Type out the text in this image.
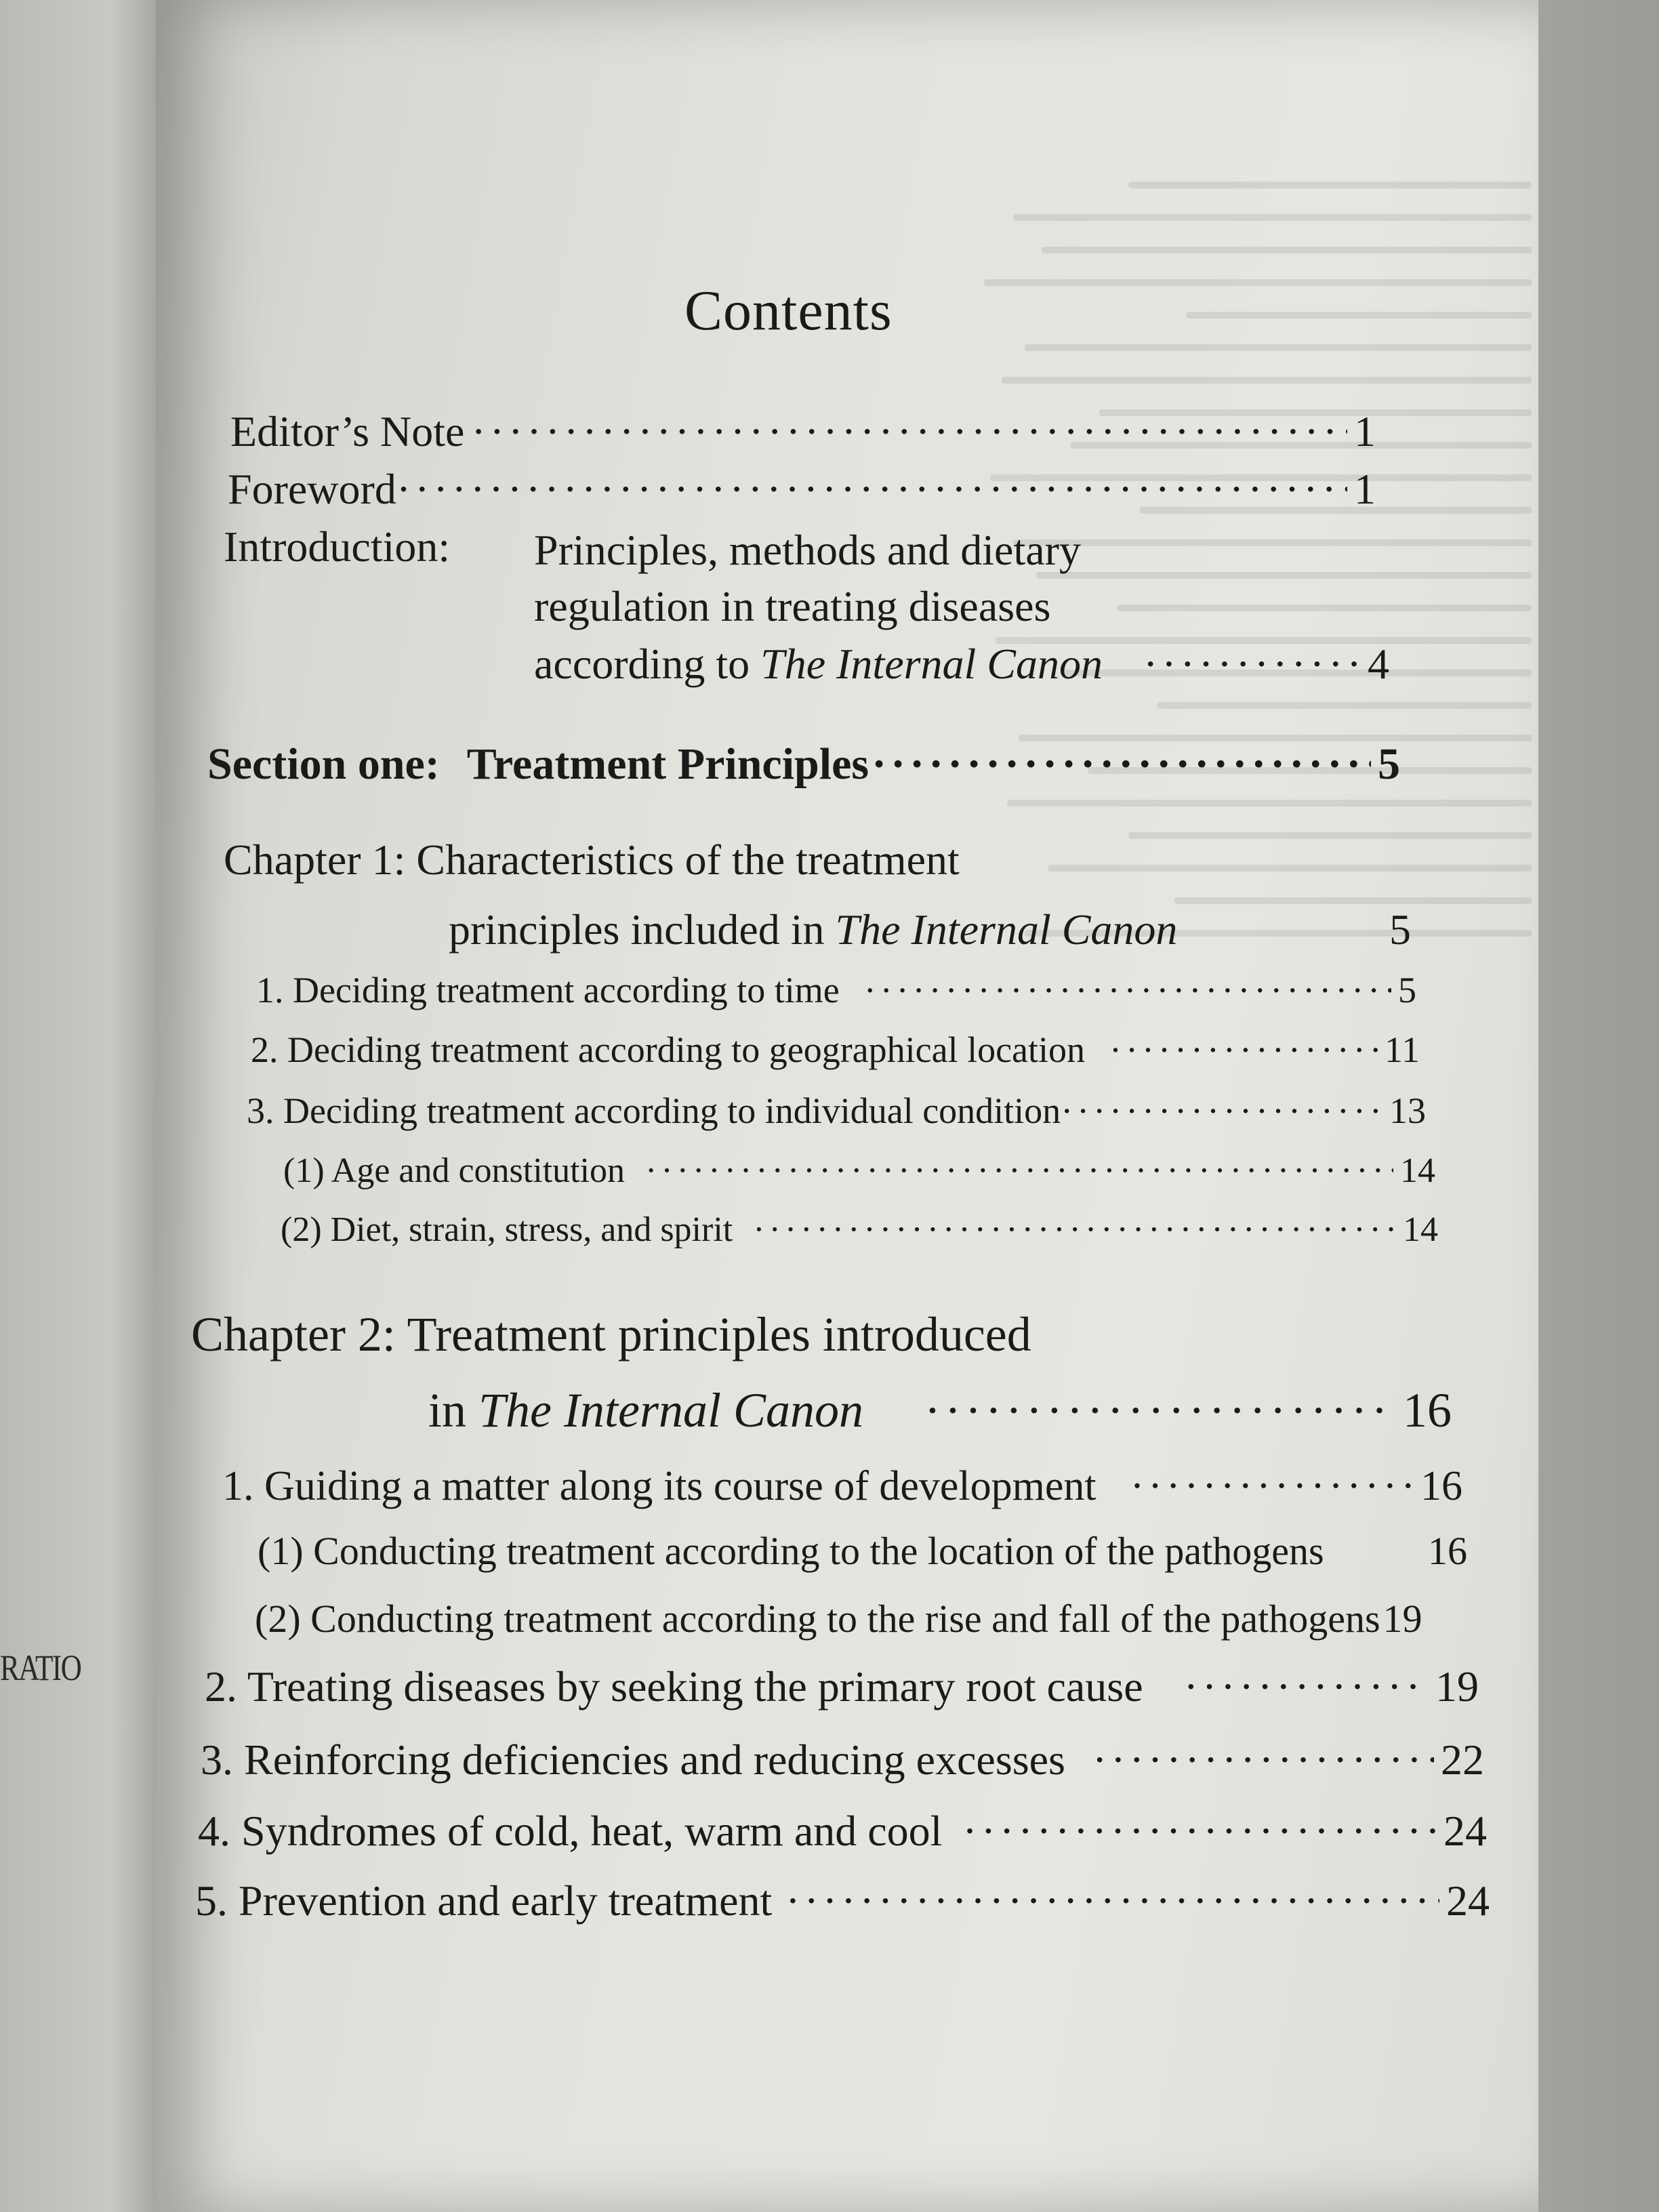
RATIO
Contents
Editor’s Note ·····	1
Foreword ·····	1
Introduction: Principles, methods and dietary
regulation in treating diseases
according to The Internal Canon ·····	4
Section one: Treatment Principles ·····	5
Chapter 1: Characteristics of the treatment
principles included in The Internal Canon	5
1. Deciding treatment according to time ·····	5
2. Deciding treatment according to geographical location ·····	11
3. Deciding treatment according to individual condition ·····	13
(1) Age and constitution ·····	14
(2) Diet, strain, stress, and spirit ·····	14
Chapter 2: Treatment principles introduced
in The Internal Canon ·····	16
1. Guiding a matter along its course of development ·····	16
(1) Conducting treatment according to the location of the pathogens	16
(2) Conducting treatment according to the rise and fall of the pathogens 19
2. Treating diseases by seeking the primary root cause ·····	19
3. Reinforcing deficiencies and reducing excesses ·····	22
4. Syndromes of cold, heat, warm and cool ·····	24
5. Prevention and early treatment ·····	24
